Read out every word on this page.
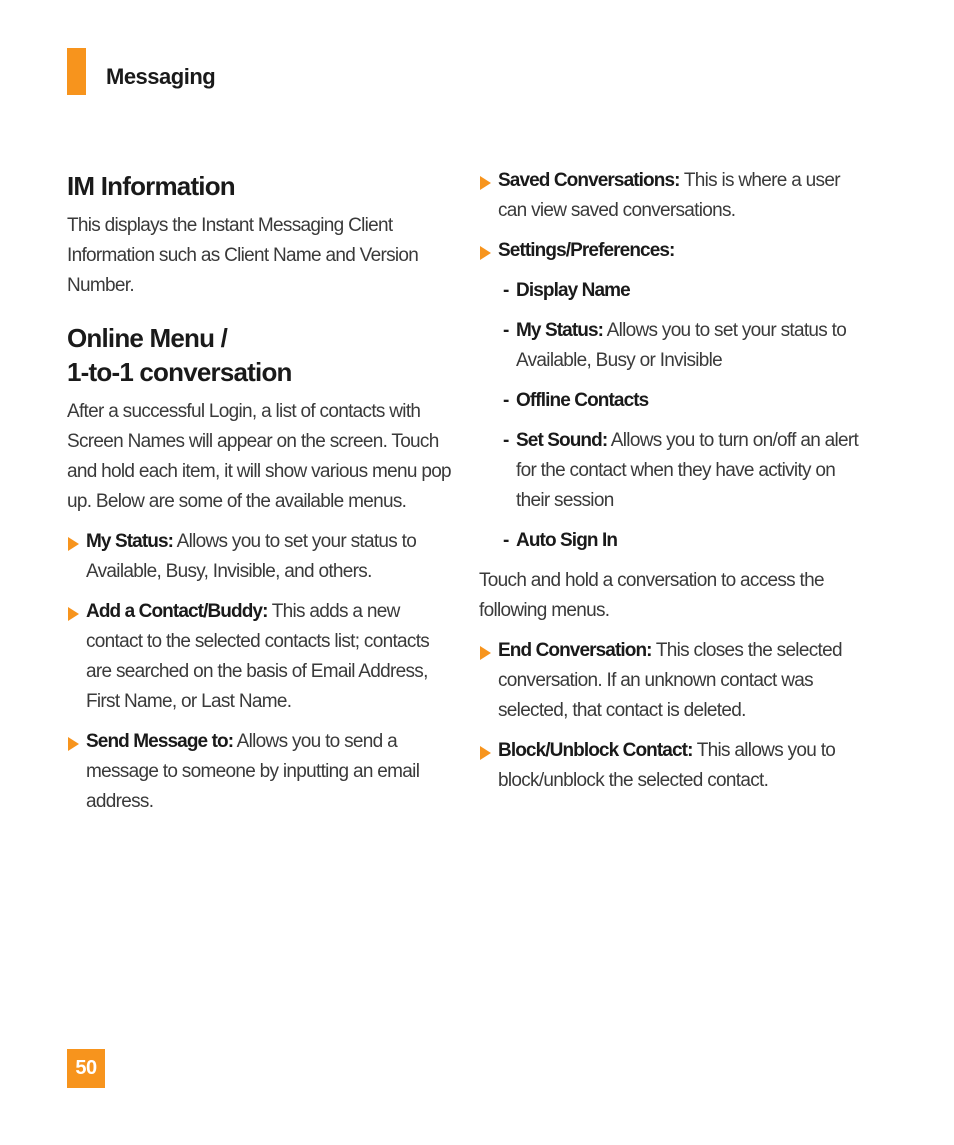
Messaging
IM Information

This displays the Instant Messaging Client Information such as Client Name and Version Number.

Online Menu /
1-to-1 conversation

After a successful Login, a list of contacts with Screen Names will appear on the screen. Touch and hold each item, it will show various menu pop up. Below are some of the available menus.

My Status: Allows you to set your status to Available, Busy, Invisible, and others.
Add a Contact/Buddy: This adds a new contact to the selected contacts list; contacts are searched on the basis of Email Address, First Name, or Last Name.
Send Message to: Allows you to send a message to someone by inputting an email address.
Saved Conversations: This is where a user can view saved conversations.
Settings/Preferences:
- Display Name
- My Status: Allows you to set your status to Available, Busy or Invisible
- Offline Contacts
- Set Sound: Allows you to turn on/off an alert for the contact when they have activity on their session
- Auto Sign In

Touch and hold a conversation to access the following menus.

End Conversation: This closes the selected conversation. If an unknown contact was selected, that contact is deleted.
Block/Unblock Contact: This allows you to block/unblock the selected contact.
50
